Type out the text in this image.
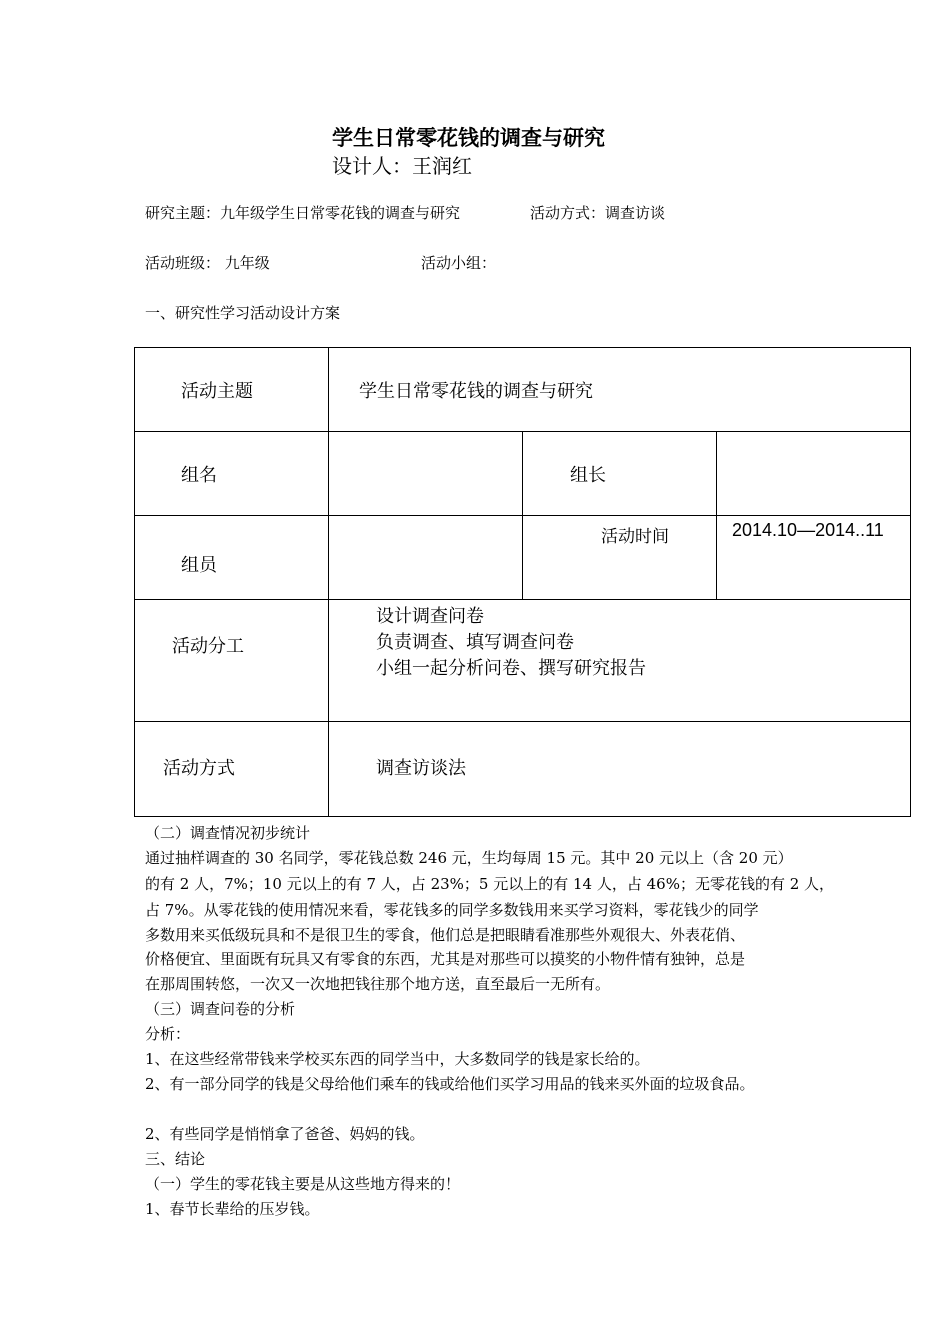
学生日常零花钱的调查与研究
设计人：王润红
研究主题：九年级学生日常零花钱的调查与研究	活动方式：调查访谈
活动班级： 九年级	活动小组：
一、研究性学习活动设计方案
活动主题	学生日常零花钱的调查与研究		
组名		组长	
组员		活动时间	2014.10—2014..11
活动分工	设计调查问卷
负责调查、填写调查问卷
小组一起分析问卷、撰写研究报告		

活动方式	调查访谈法		
（二）调查情况初步统计
通过抽样调查的 30 名同学，零花钱总数 246 元，生均每周 15 元。其中 20 元以上（含 20 元）
的有 2 人，7%；10 元以上的有 7 人，占 23%；5 元以上的有 14 人，占 46%；无零花钱的有 2 人，
占 7%。从零花钱的使用情况来看，零花钱多的同学多数钱用来买学习资料，零花钱少的同学
多数用来买低级玩具和不是很卫生的零食，他们总是把眼睛看准那些外观很大、外表花俏、
价格便宜、里面既有玩具又有零食的东西，尤其是对那些可以摸奖的小物件情有独钟，总是
在那周围转悠，一次又一次地把钱往那个地方送，直至最后一无所有。
（三）调查问卷的分析
分析：
1、在这些经常带钱来学校买东西的同学当中，大多数同学的钱是家长给的。
2、有一部分同学的钱是父母给他们乘车的钱或给他们买学习用品的钱来买外面的垃圾食品。
2、有些同学是悄悄拿了爸爸、妈妈的钱。
三、结论
（一）学生的零花钱主要是从这些地方得来的！
1、春节长辈给的压岁钱。
